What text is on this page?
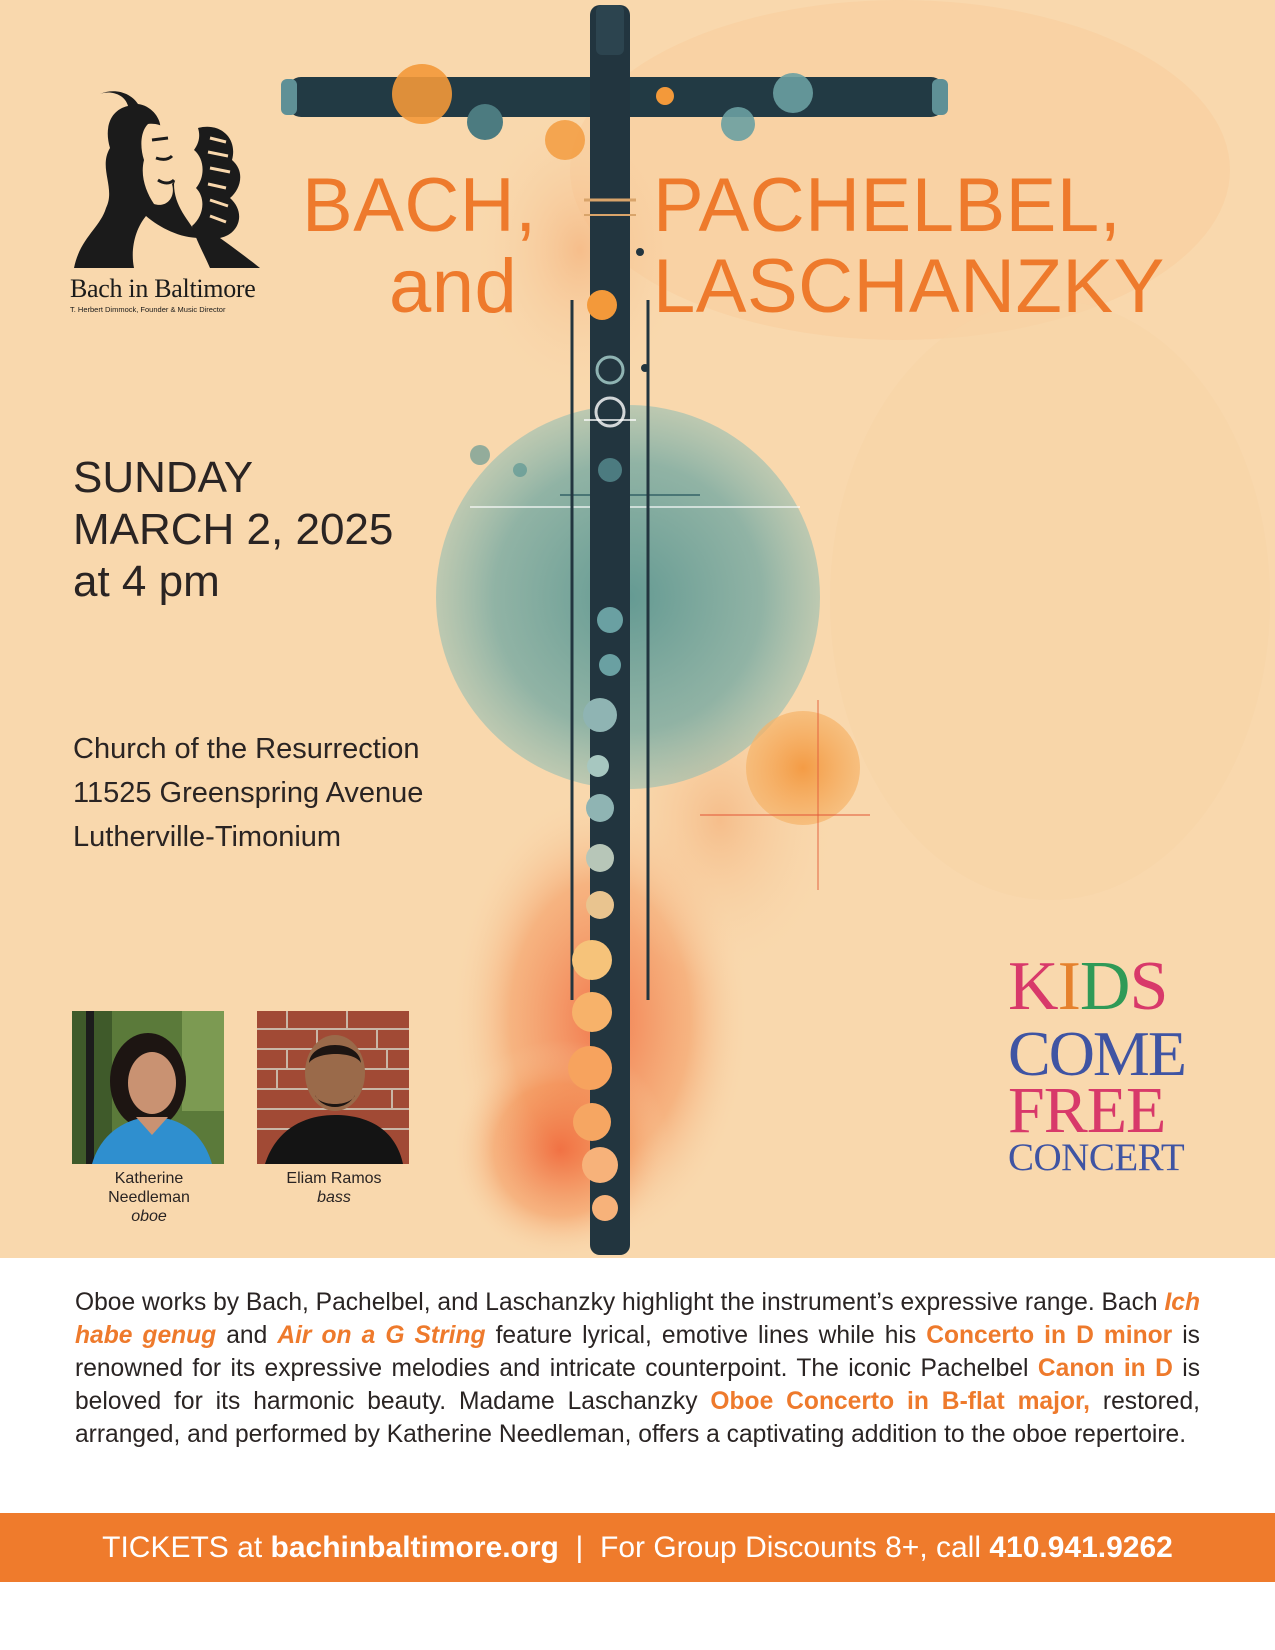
Bach in Baltimore
T. Herbert Dimmock, Founder & Music Director
BACH, PACHELBEL,
and LASCHANZKY
SUNDAY
MARCH 2, 2025
at 4 pm
Church of the Resurrection
11525 Greenspring Avenue
Lutherville-Timonium
Katherine
Needleman
oboe
Eliam Ramos
bass
KIDS
COME
FREE
CONCERT
Oboe works by Bach, Pachelbel, and Laschanzky highlight the instrument’s expressive range. Bach Ich habe genug and Air on a G String feature lyrical, emotive lines while his Concerto in D minor is renowned for its expressive melodies and intricate counterpoint. The iconic Pachelbel Canon in D is beloved for its harmonic beauty. Madame Laschanzky Oboe Concerto in B-flat major, restored, arranged, and performed by Katherine Needleman, offers a captivating addition to the oboe repertoire.
TICKETS at bachinbaltimore.org | For Group Discounts 8+, call 410.941.9262
